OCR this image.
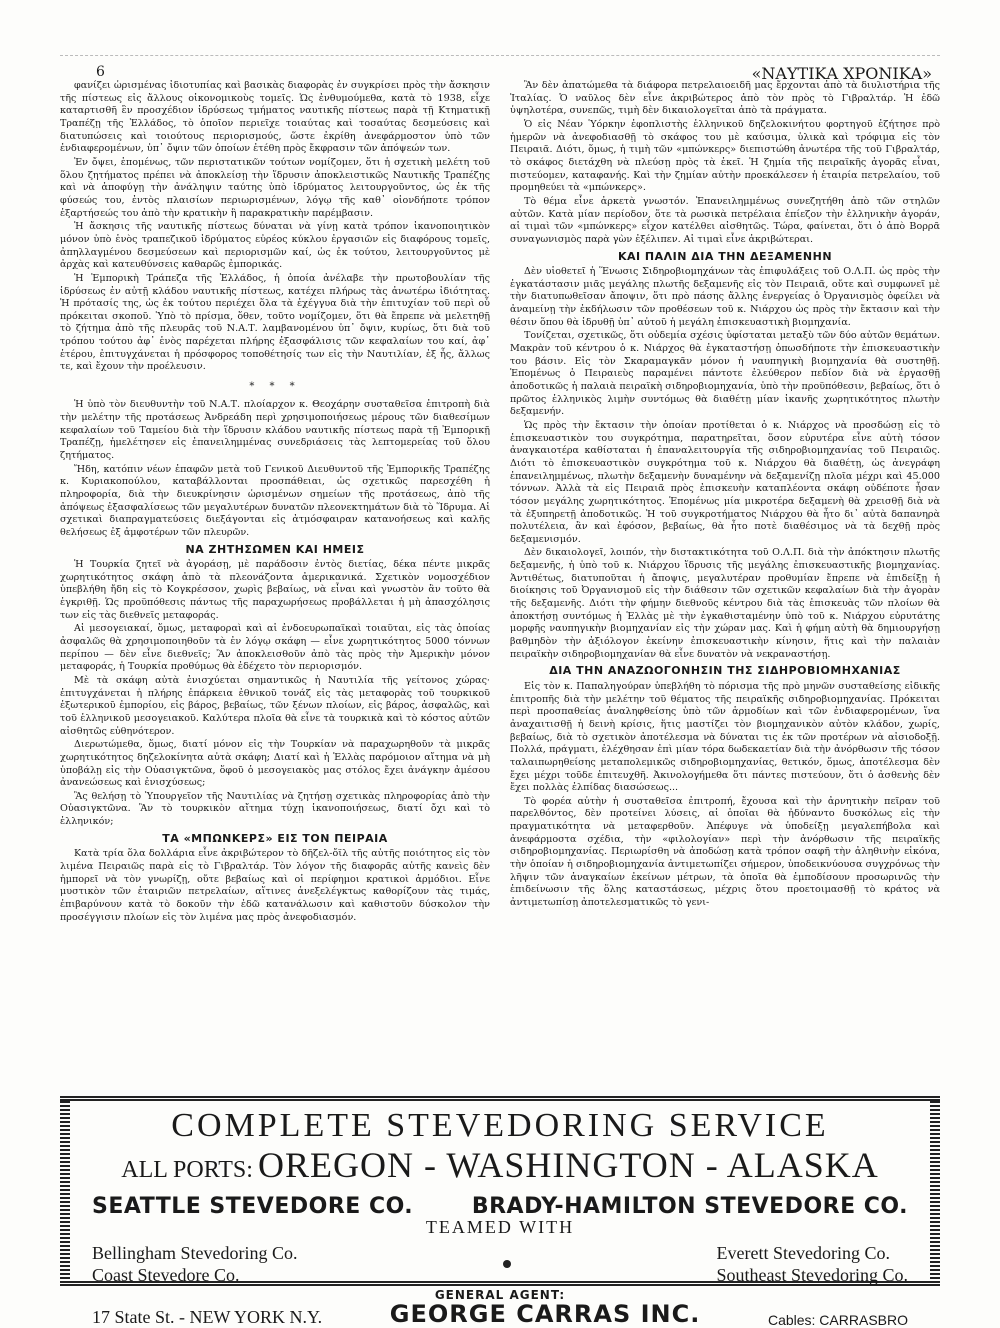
6	«ΝΑΥΤΙΚΑ ΧΡΟΝΙΚΑ»

φανίζει ὡρισμένας ἰδιοτυπίας καὶ βασικὰς διαφορὰς ἐν συγκρίσει πρὸς τὴν ἄσκησιν τῆς πίστεως εἰς ἄλλους οἰκονομικοὺς τομεῖς. Ὡς ἐνθυμούμεθα, κατὰ τὸ 1938, εἶχε καταρτισθῆ ἓν προσχέδιον ἱδρύσεως τμήματος ναυτικῆς πίστεως παρὰ τῇ Κτηματικῇ Τραπέζῃ τῆς Ἑλλάδος, τὸ ὁποῖον περιεῖχε τοιαύτας καὶ τοσαύτας δεσμεύσεις καὶ διατυπώσεις καὶ τοιούτους περιορισμούς, ὥστε ἐκρίθη ἀνεφάρμοστον ὑπὸ τῶν ἐνδιαφερομένων, ὑπ᾿ ὄψιν τῶν ὁποίων ἐτέθη πρὸς ἔκφρασιν τῶν ἀπόψεών των.

Ἐν ὄψει, ἑπομένως, τῶν περιστατικῶν τούτων νομίζομεν, ὅτι ἡ σχετικὴ μελέτη τοῦ ὅλου ζητήματος πρέπει νὰ ἀποκλείσῃ τὴν ἵδρυσιν ἀποκλειστικῶς Ναυτικῆς Τραπέζης καὶ νὰ ἀποφύγῃ τὴν ἀνάληψιν ταύτης ὑπὸ ἱδρύματος λειτουργοῦντος, ὡς ἐκ τῆς φύσεώς του, ἐντὸς πλαισίων περιωρισμένων, λόγῳ τῆς καθ᾿ οἱονδήποτε τρόπον ἐξαρτήσεώς του ἀπὸ τὴν κρατικὴν ἢ παρακρατικὴν παρέμβασιν.

Ἡ ἄσκησις τῆς ναυτικῆς πίστεως δύναται νὰ γίνῃ κατὰ τρόπον ἱκανοποιητικὸν μόνον ὑπὸ ἑνὸς τραπεζικοῦ ἱδρύματος εὐρέος κύκλου ἐργασιῶν εἰς διαφόρους τομεῖς, ἀπηλλαγμένου δεσμεύσεων καὶ περιορισμῶν καί, ὡς ἐκ τούτου, λειτουργοῦντος μὲ ἀρχὰς καὶ κατευθύνσεις καθαρῶς ἐμπορικάς.

Ἡ Ἐμπορικὴ Τράπεζα τῆς Ἑλλάδος, ἡ ὁποία ἀνέλαβε τὴν πρωτοβουλίαν τῆς ἱδρύσεως ἐν αὐτῇ κλάδου ναυτικῆς πίστεως, κατέχει πλήρως τὰς ἀνωτέρω ἰδιότητας. Ἡ πρότασίς της, ὡς ἐκ τούτου περιέχει ὅλα τὰ ἐχέγγυα διὰ τὴν ἐπιτυχίαν τοῦ περὶ οὗ πρόκειται σκοποῦ. Ὑπὸ τὸ πρίσμα, ὅθεν, τοῦτο νομίζομεν, ὅτι θὰ ἔπρεπε νὰ μελετηθῇ τὸ ζήτημα ἀπὸ τῆς πλευρᾶς τοῦ Ν.Α.Τ. λαμβανομένου ὑπ᾿ ὄψιν, κυρίως, ὅτι διὰ τοῦ τρόπου τούτου ἀφ᾿ ἑνὸς παρέχεται πλήρης ἐξασφάλισις τῶν κεφαλαίων του καί, ἀφ᾿ ἑτέρου, ἐπιτυγχάνεται ἡ πρόσφορος τοποθέτησίς των εἰς τὴν Ναυτιλίαν, ἐξ ἧς, ἄλλως τε, καὶ ἔχουν τὴν προέλευσιν.

* * *

Ἡ ὑπὸ τὸν διευθυντὴν τοῦ Ν.Α.Τ. πλοίαρχον κ. Θεοχάρην συσταθεῖσα ἐπιτροπὴ διὰ τὴν μελέτην τῆς προτάσεως Ἀνδρεάδη περὶ χρησιμοποιήσεως μέρους τῶν διαθεσίμων κεφαλαίων τοῦ Ταμείου διὰ τὴν ἵδρυσιν κλάδου ναυτικῆς πίστεως παρὰ τῇ Ἐμπορικῇ Τραπέζῃ, ἠμελέτησεν εἰς ἐπανειλημμένας συνεδριάσεις τὰς λεπτομερείας τοῦ ὅλου ζητήματος.

Ἤδη, κατόπιν νέων ἐπαφῶν μετὰ τοῦ Γενικοῦ Διευθυντοῦ τῆς Ἐμπορικῆς Τραπέζης κ. Κυριακοπούλου, καταβάλλονται προσπάθειαι, ὡς σχετικῶς παρεσχέθη ἡ πληροφορία, διὰ τὴν διευκρίνησιν ὡρισμένων σημείων τῆς προτάσεως, ἀπὸ τῆς ἀπόψεως ἐξασφαλίσεως τῶν μεγαλυτέρων δυνατῶν πλεονεκτημάτων διὰ τὸ Ἵδρυμα. Αἱ σχετικαὶ διαπραγματεύσεις διεξάγονται εἰς ἀτμόσφαιραν κατανοήσεως καὶ καλῆς θελήσεως ἐξ ἀμφοτέρων τῶν πλευρῶν.

ΝΑ ΖΗΤΗΣΩΜΕΝ ΚΑΙ ΗΜΕΙΣ

Ἡ Τουρκία ζητεῖ νὰ ἀγοράσῃ, μὲ παράδοσιν ἐντὸς διετίας, δέκα πέντε μικρᾶς χωρητικότητος σκάφη ἀπὸ τὰ πλεονάζοντα ἀμερικανικά. Σχετικὸν νομοσχέδιον ὑπεβλήθη ἤδη εἰς τὸ Κογκρέσσον, χωρὶς βεβαίως, νὰ εἶναι καὶ γνωστὸν ἂν τοῦτο θὰ ἐγκριθῇ. Ὡς προϋπόθεσις πάντως τῆς παραχωρήσεως προβάλλεται ἡ μὴ ἀπασχόλησις των εἰς τὰς διεθνεῖς μεταφοράς.

Αἱ μεσογειακαί, ὅμως, μεταφοραὶ καὶ αἱ ἐνδοευρωπαϊκαὶ τοιαῦται, εἰς τὰς ὁποίας ἀσφαλῶς θὰ χρησιμοποιηθοῦν τὰ ἐν λόγῳ σκάφη — εἶνε χωρητικότητος 5000 τόννων περίπου — δὲν εἶνε διεθνεῖς; Ἂν ἀποκλεισθοῦν ἀπὸ τὰς πρὸς τὴν Ἀμερικὴν μόνον μεταφοράς, ἡ Τουρκία προθύμως θὰ ἐδέχετο τὸν περιορισμόν.

Μὲ τὰ σκάφη αὐτὰ ἐνισχύεται σημαντικῶς ἡ Ναυτιλία τῆς γείτονος χώρας· ἐπιτυγχάνεται ἡ πλήρης ἐπάρκεια ἐθνικοῦ τονάζ εἰς τὰς μεταφορὰς τοῦ τουρκικοῦ ἐξωτερικοῦ ἐμπορίου, εἰς βάρος, βεβαίως, τῶν ξένων πλοίων, εἰς βάρος, ἀσφαλῶς, καὶ τοῦ ἑλληνικοῦ μεσογειακοῦ. Καλύτερα πλοῖα θὰ εἶνε τὰ τουρκικὰ καὶ τὸ κόστος αὐτῶν αἰσθητῶς εὐθηνότερον.

Διερωτώμεθα, ὅμως, διατί μόνον εἰς τὴν Τουρκίαν νὰ παραχωρηθοῦν τὰ μικρᾶς χωρητικότητος δηζελοκίνητα αὐτὰ σκάφη; Διατί καὶ ἡ Ἑλλὰς παρόμοιον αἴτημα νὰ μὴ ὑποβάλῃ εἰς τὴν Οὐασιγκτῶνα, ὅφοῦ ὁ μεσογειακὸς μας στόλος ἔχει ἀνάγκην ἀμέσου ἀνανεώσεως καὶ ἐνισχύσεως;

Ἂς θελήσῃ τὸ Ὑπουργεῖον τῆς Ναυτιλίας νὰ ζητήσῃ σχετικὰς πληροφορίας ἀπὸ τὴν Οὐασιγκτῶνα. Ἂν τὸ τουρκικὸν αἴτημα τύχῃ ἱκανοποιήσεως, διατί ὄχι καὶ τὸ ἑλληνικόν;

ΤΑ «ΜΠΩΝΚΕΡΣ» ΕΙΣ ΤΟΝ ΠΕΙΡΑΙΑ

Κατὰ τρία ὅλα δολλάρια εἶνε ἀκριβώτερον τὸ δῆζελ-ὄϊλ τῆς αὐτῆς ποιότητος εἰς τὸν λιμένα Πειραιῶς παρὰ εἰς τὸ Γιβραλτάρ. Τὸν λόγον τῆς διαφορᾶς αὐτῆς κανεὶς δὲν ἠμπορεῖ νὰ τὸν γνωρίζῃ, οὔτε βεβαίως καὶ οἱ περίφημοι κρατικοὶ ἁρμόδιοι. Εἶνε μυστικὸν τῶν ἑταιριῶν πετρελαίων, αἵτινες ἀνεξελέγκτως καθορίζουν τὰς τιμάς, ἐπιβαρύνουν κατὰ τὸ δοκοῦν τὴν ἐδῶ κατανάλωσιν καὶ καθιστοῦν δύσκολον τὴν προσέγγισιν πλοίων εἰς τὸν λιμένα μας πρὸς ἀνεφοδιασμόν.

Ἂν δὲν ἀπατώμεθα τὰ διάφορα πετρελαιοειδῆ μας ἔρχονται ἀπὸ τὰ διυλιστήρια τῆς Ἰταλίας. Ὁ ναῦλος δὲν εἶνε ἀκριβώτερος ἀπὸ τὸν πρὸς τὸ Γιβραλτάρ. Ἡ ἐδῶ ὑψηλοτέρα, συνεπῶς, τιμὴ δὲν δικαιολογεῖται ἀπὸ τὰ πράγματα.

Ὁ εἰς Νέαν Ὑόρκην ἐφοπλιστὴς ἑλληνικοῦ δηζελοκινήτου φορτηγοῦ ἐζήτησε πρὸ ἡμερῶν νὰ ἀνεφοδιασθῇ τὸ σκάφος του μὲ καύσιμα, ὑλικὰ καὶ τρόφιμα εἰς τὸν Πειραιᾶ. Διότι, ὅμως, ἡ τιμὴ τῶν «μπώνκερς» διεπιστώθη ἀνωτέρα τῆς τοῦ Γιβραλτάρ, τὸ σκάφος διετάχθη νὰ πλεύσῃ πρὸς τὰ ἐκεῖ. Ἡ ζημία τῆς πειραϊκῆς ἀγορᾶς εἶναι, πιστεύομεν, καταφανής. Καὶ τὴν ζημίαν αὐτὴν προεκάλεσεν ἡ ἑταιρία πετρελαίου, τοῦ προμηθεύει τὰ «μπώνκερς».

Τὸ θέμα εἶνε ἀρκετὰ γνωστόν. Ἐπανειλημμένως συνεζητήθη ἀπὸ τῶν στηλῶν αὐτῶν. Κατὰ μίαν περίοδον, ὅτε τὰ ρωσικὰ πετρέλαια ἐπίεζον τὴν ἑλληνικὴν ἀγοράν, αἱ τιμαὶ τῶν «μπώνκερς» εἶχον κατέλθει αἰσθητῶς. Τώρα, φαίνεται, ὅτι ὁ ἀπὸ Βορρᾶ συναγωνισμὸς παρὰ γὼν ἐξέλιπεν. Αἱ τιμαὶ εἶνε ἀκριβώτεραι.

ΚΑΙ ΠΑΛΙΝ ΔΙΑ ΤΗΝ ΔΕΞΑΜΕΝΗΝ

Δὲν υἱοθετεῖ ἡ Ἕνωσις Σιδηροβιομηχάνων τὰς ἐπιφυλάξεις τοῦ Ο.Λ.Π. ὡς πρὸς τὴν ἐγκατάστασιν μιᾶς μεγάλης πλωτῆς δεξαμενῆς εἰς τὸν Πειραιᾶ, οὔτε καὶ συμφωνεῖ μὲ τὴν διατυπωθεῖσαν ἄποψιν, ὅτι πρὸ πάσης ἄλλης ἐνεργείας ὁ Ὀργανισμὸς ὀφείλει νὰ ἀναμείνῃ τὴν ἐκδήλωσιν τῶν προθέσεων τοῦ κ. Νιάρχου ὡς πρὸς τὴν ἔκτασιν καὶ τὴν θέσιν ὅπου θὰ ἱδρυθῇ ὑπ᾿ αὐτοῦ ἡ μεγάλη ἐπισκευαστικὴ βιομηχανία.

Τονίζεται, σχετικῶς, ὅτι οὐδεμία σχέσις ὑφίσταται μεταξὺ τῶν δύο αὐτῶν θεμάτων. Μακρὰν τοῦ κέντρου ὁ κ. Νιάρχος θὰ ἐγκαταστήσῃ ὁπωσδήποτε τὴν ἐπισκευαστικὴν του βάσιν. Εἰς τὸν Σκαραμαγκᾶν μόνον ἡ ναυπηγικὴ βιομηχανία θὰ συστηθῇ. Ἑπομένως ὁ Πειραιεὺς παραμένει πάντοτε ἐλεύθερον πεδίον διὰ νὰ ἐργασθῇ ἀποδοτικῶς ἡ παλαιὰ πειραϊκὴ σιδηροβιομηχανία, ὑπὸ τὴν προϋπόθεσιν, βεβαίως, ὅτι ὁ πρῶτος ἑλληνικὸς λιμὴν συντόμως θὰ διαθέτῃ μίαν ἱκανῆς χωρητικότητος πλωτὴν δεξαμενήν.

Ὡς πρὸς τὴν ἔκτασιν τὴν ὁποίαν προτίθεται ὁ κ. Νιάρχος νὰ προσδώσῃ εἰς τὸ ἐπισκευαστικὸν του συγκρότημα, παρατηρεῖται, ὅσον εὐρυτέρα εἶνε αὐτὴ τόσον ἀναγκαιοτέρα καθίσταται ἡ ἐπαναλειτουργία τῆς σιδηροβιομηχανίας τοῦ Πειραιῶς. Διότι τὸ ἐπισκευαστικὸν συγκρότημα τοῦ κ. Νιάρχου θὰ διαθέτῃ, ὡς ἀνεγράφη ἐπανειλημμένως, πλωτὴν δεξαμενὴν δυναμένην νὰ δεξαμενίζῃ πλοῖα μέχρι καὶ 45.000 τόννων. Ἀλλὰ τὰ εἰς Πειραιᾶ πρὸς ἐπισκευὴν καταπλέοντα σκάφη οὐδέποτε ἦσαν τόσον μεγάλης χωρητικότητος. Ἑπομένως μία μικροτέρα δεξαμενὴ θὰ χρεισθῇ διὰ νὰ τὰ ἐξυπηρετῇ ἀποδοτικῶς. Ἡ τοῦ συγκροτήματος Νιάρχου θὰ ἦτο δι᾿ αὐτὰ δαπανηρὰ πολυτέλεια, ἂν καὶ ἐφόσον, βεβαίως, θὰ ἦτο ποτὲ διαθέσιμος νὰ τὰ δεχθῇ πρὸς δεξαμενισμόν.

Δὲν δικαιολογεῖ, λοιπόν, τὴν διστακτικότητα τοῦ Ο.Λ.Π. διὰ τὴν ἀπόκτησιν πλωτῆς δεξαμενῆς, ἡ ὑπὸ τοῦ κ. Νιάρχου ἵδρυσις τῆς μεγάλης ἐπισκευαστικῆς βιομηχανίας. Ἀντιθέτως, διατυποῦται ἡ ἄποψις, μεγαλυτέραν προθυμίαν ἔπρεπε νὰ ἐπιδείξῃ ἡ διοίκησις τοῦ Ὀργανισμοῦ εἰς τὴν διάθεσιν τῶν σχετικῶν κεφαλαίων διὰ τὴν ἀγορὰν τῆς δεξαμενῆς. Διότι τὴν φήμην διεθνοῦς κέντρου διὰ τὰς ἐπισκευὰς τῶν πλοίων θὰ ἀποκτήσῃ συντόμως ἡ Ἑλλὰς μὲ τὴν ἐγκαθισταμένην ὑπὸ τοῦ κ. Νιάρχου εὐρυτάτης μορφῆς ναυπηγικὴν βιομηχανίαν εἰς τὴν χώραν μας. Καὶ ἡ φήμη αὐτὴ θὰ δημιουργήσῃ βαθμηδὸν τὴν ἀξιόλογον ἐκείνην ἐπισκευαστικὴν κίνησιν, ἥτις καὶ τὴν παλαιὰν πειραϊκὴν σιδηροβιομηχανίαν θὰ εἶνε δυνατὸν νὰ νεκραναστήσῃ.

ΔΙΑ ΤΗΝ ΑΝΑΖΩΟΓΟΝΗΣΙΝ ΤΗΣ ΣΙΔΗΡΟΒΙΟΜΗΧΑΝΙΑΣ

Εἰς τὸν κ. Παπαληγούραν ὑπεβλήθη τὸ πόρισμα τῆς πρὸ μηνῶν συσταθείσης εἰδικῆς ἐπιτροπῆς διὰ τὴν μελέτην τοῦ θέματος τῆς πειραϊκῆς σιδηροβιομηχανίας. Πρόκειται περὶ προσπαθείας ἀναληφθείσης ὑπὸ τῶν ἁρμοδίων καὶ τῶν ἐνδιαφερομένων, ἵνα ἀναχαιτισθῇ ἡ δεινὴ κρίσις, ἥτις μαστίζει τὸν βιομηχανικὸν αὐτὸν κλάδον, χωρίς, βεβαίως, διὰ τὸ σχετικὸν ἀποτέλεσμα νὰ δύναται τις ἐκ τῶν προτέρων νὰ αἰσιοδοξῇ. Πολλά, πράγματι, ἐλέχθησαν ἐπὶ μίαν τόρα δωδεκαετίαν διὰ τὴν ἀνόρθωσιν τῆς τόσον ταλαιπωρηθείσης μεταπολεμικῶς σιδηροβιομηχανίας, θετικόν, ὅμως, ἀποτέλεσμα δὲν ἔχει μέχρι τοῦδε ἐπιτευχθῆ. Ἀκινολογήμεθα ὅτι πάντες πιστεύουν, ὅτι ὁ ἀσθενὴς δὲν ἔχει πολλὰς ἐλπίδας διασώσεως...

Τὸ φορέα αὐτὴν ἡ συσταθεῖσα ἐπιτροπή, ἔχουσα καὶ τὴν ἀρνητικὴν πεῖραν τοῦ παρελθόντος, δὲν προτείνει λύσεις, αἱ ὁποῖαι θὰ ἠδύναντο δυσκόλως εἰς τὴν πραγματικότητα νὰ μεταφερθοῦν. Ἀπέφυγε νὰ ὑποδείξῃ μεγαλεπήβολα καὶ ἀνεφάρμοστα σχέδια, τὴν «φιλολογίαν» περὶ τὴν ἀνόρθωσιν τῆς πειραϊκῆς σιδηροβιομηχανίας. Περιωρίσθη νὰ ἀποδώσῃ κατὰ τρόπον σαφῆ τὴν ἀληθινὴν εἰκόνα, τὴν ὁποίαν ἡ σιδηροβιομηχανία ἀντιμετωπίζει σήμερον, ὑποδεικνύουσα συγχρόνως τὴν λῆψιν τῶν ἀναγκαίων ἐκείνων μέτρων, τὰ ὁποῖα θὰ ἐμποδίσουν προσωρινῶς τὴν ἐπιδείνωσιν τῆς ὅλης καταστάσεως, μέχρις ὅτου προετοιμασθῇ τὸ κράτος νὰ ἀντιμετωπίσῃ ἀποτελεσματικῶς τὸ γενι-

COMPLETE STEVEDORING SERVICE
ALL PORTS: OREGON - WASHINGTON - ALASKA
SEATTLE STEVEDORE CO.	BRADY-HAMILTON STEVEDORE CO.
TEAMED WITH
Bellingham Stevedoring Co.
Coast Stevedore Co.
Everett Stevedoring Co.
Southeast Stevedoring Co.
GENERAL AGENT:
17 State St. - NEW YORK N.Y.	GEORGE CARRAS INC.	Cables: CARRASBRO
